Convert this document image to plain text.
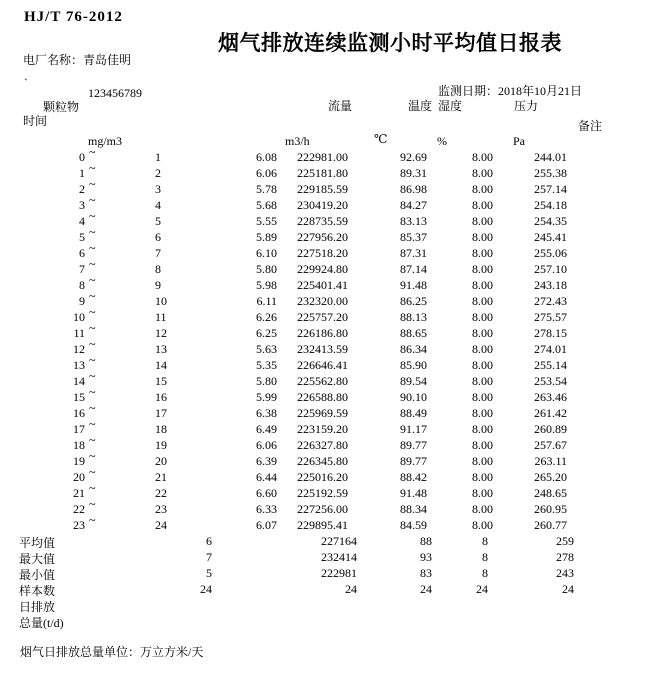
HJ/T 76-2012
烟气排放连续监测小时平均值日报表
电厂名称：青岛佳明
`
123456789	监测日期：2018年10月21日
颗粒物	流量	温度 湿度	压力
时间	备注
mg/m3	m3/h	℃	%	Pa
0 ~	1	6.08	222981.00	92.69	8.00	244.01
1 ~	2	6.06	225181.80	89.31	8.00	255.38
2 ~	3	5.78	229185.59	86.98	8.00	257.14
3 ~	4	5.68	230419.20	84.27	8.00	254.18
4 ~	5	5.55	228735.59	83.13	8.00	254.35
5 ~	6	5.89	227956.20	85.37	8.00	245.41
6 ~	7	6.10	227518.20	87.31	8.00	255.06
7 ~	8	5.80	229924.80	87.14	8.00	257.10
8 ~	9	5.98	225401.41	91.48	8.00	243.18
9 ~	10	6.11	232320.00	86.25	8.00	272.43
10 ~	11	6.26	225757.20	88.13	8.00	275.57
11 ~	12	6.25	226186.80	88.65	8.00	278.15
12 ~	13	5.63	232413.59	86.34	8.00	274.01
13 ~	14	5.35	226646.41	85.90	8.00	255.14
14 ~	15	5.80	225562.80	89.54	8.00	253.54
15 ~	16	5.99	226588.80	90.10	8.00	263.46
16 ~	17	6.38	225969.59	88.49	8.00	261.42
17 ~	18	6.49	223159.20	91.17	8.00	260.89
18 ~	19	6.06	226327.80	89.77	8.00	257.67
19 ~	20	6.39	226345.80	89.77	8.00	263.11
20 ~	21	6.44	225016.20	88.42	8.00	265.20
21 ~	22	6.60	225192.59	91.48	8.00	248.65
22 ~	23	6.33	227256.00	88.34	8.00	260.95
23 ~	24	6.07	229895.41	84.59	8.00	260.77
平均值	6	227164	88	8	259
最大值	7	232414	93	8	278
最小值	5	222981	83	8	243
样本数	24	24	24	24	24
日排放
总量(t/d)
烟气日排放总量单位：万立方米/天
